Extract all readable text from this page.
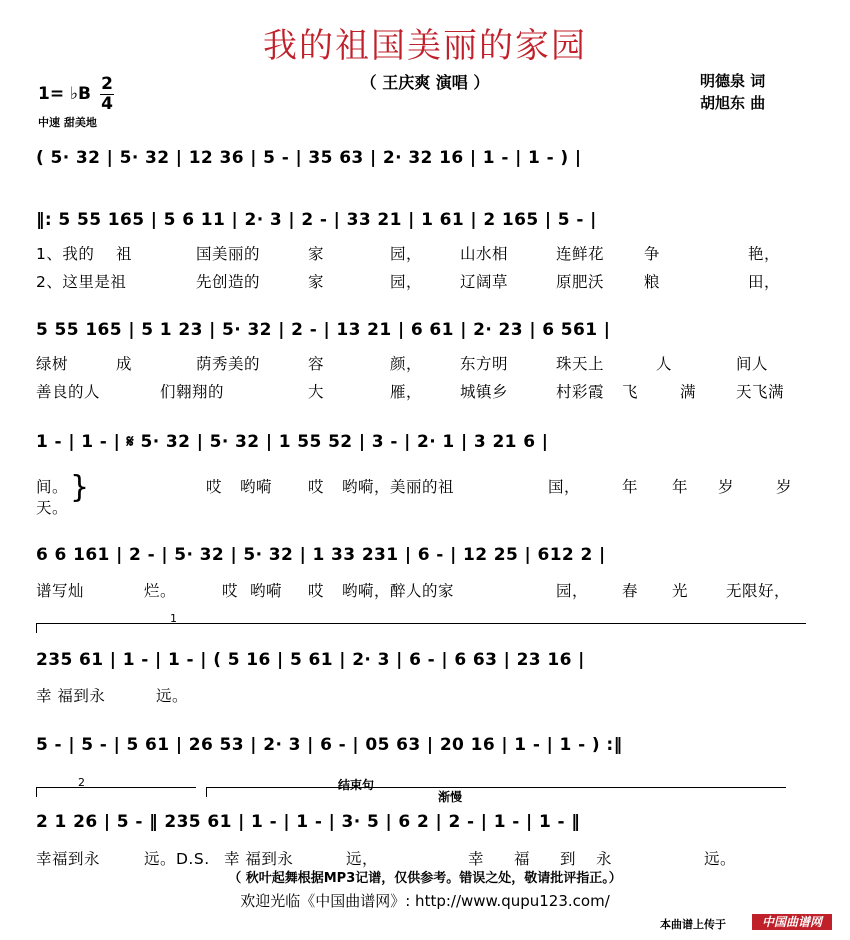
我的祖国美丽的家园
（ 王庆爽 演唱 ）	明德泉 词
胡旭东 曲
1= ♭B 2
4
中速 甜美地
( 5· 32 | 5· 32 | 12 36 | 5 - | 35 63 | 2· 32 16 | 1 - | 1 - ) |
‖: 5 55 165 | 5 6 11 | 2· 3 | 2 - | 33 21 | 1 61 | 2 165 | 5 - |
1、我的 祖	国美丽的	家	园， 山水相	连鲜花	争	艳，
2、这里是祖	先创造的	家	园， 辽阔草	原肥沃	粮	田，
5 55 165 | 5 1 23 | 5· 32 | 2 - | 13 21 | 6 61 | 2· 23 | 6 561 |
绿树	成	荫秀美的	容	颜， 东方明	珠天上	人	间人
善良的人	们翱翔的	大	雁， 城镇乡	村彩霞 飞	满	天飞满
1 - | 1 - | 𝄋 5· 32 | 5· 32 | 1 55 52 | 3 - | 2· 1 | 3 21 6 |
间。	哎 哟嗬 哎 哟嗬，美丽的祖	国，	年 年 岁	岁
}
天。
6 6 161 | 2 - | 5· 32 | 5· 32 | 1 33 231 | 6 - | 12 25 | 612 2 |
谱写灿	烂。	哎 哟嗬 哎 哟嗬，醉人的家	园， 春 光 无限好，
1
235 61 | 1 - | 1 - | ( 5 16 | 5 61 | 2· 3 | 6 - | 6 63 | 23 16 |
幸 福到永	远。
5 - | 5 - | 5 61 | 26 53 | 2· 3 | 6 - | 05 63 | 20 16 | 1 - | 1 - ) :‖
2	结束句
渐慢
2 1 26 | 5 - ‖ 235 61 | 1 - | 1 - | 3· 5 | 6 2 | 2 - | 1 - | 1 - ‖
幸福到永	远。D.S. 幸 福到永	远，	幸 福 到 永	远。
（ 秋叶起舞根据MP3记谱，仅供参考。错误之处，敬请批评指正。）
欢迎光临《中国曲谱网》: http://www.qupu123.com/
本曲谱上传于	中国曲谱网
